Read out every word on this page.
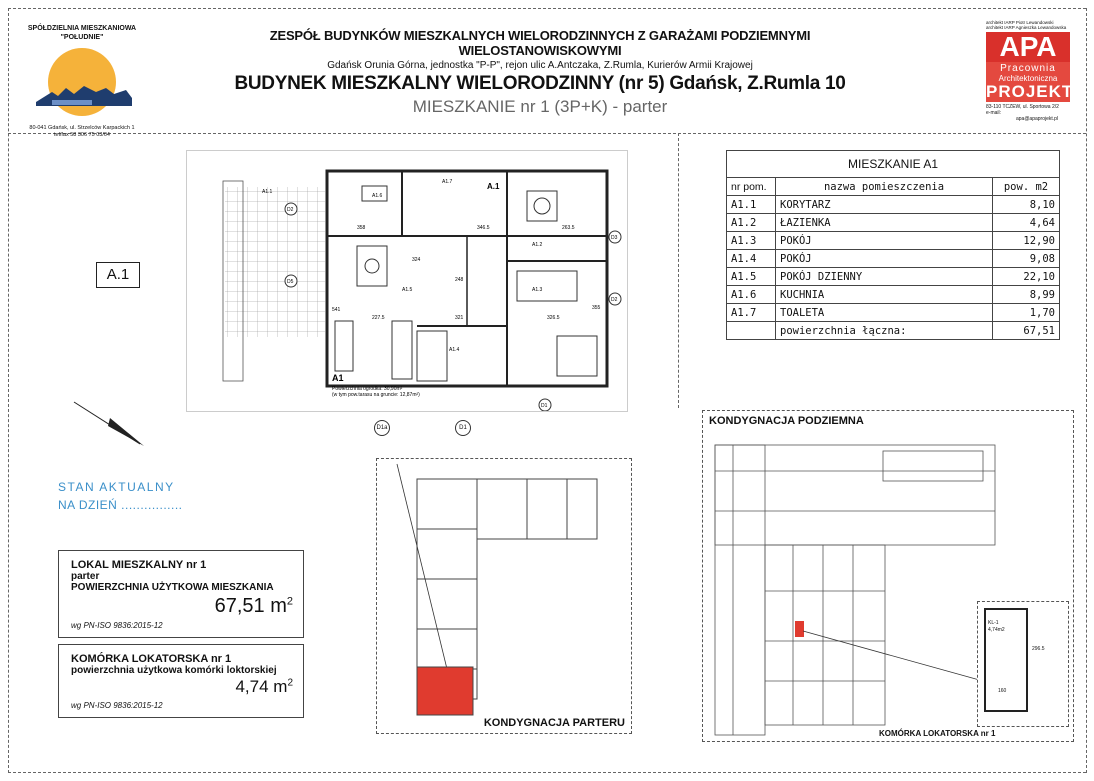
SPÓŁDZIELNIA MIESZKANIOWA
"POŁUDNIE"
80-041 Gdańsk, ul. Strzelców Karpackich 1
tel/fax 58 306 75 03/04
ZESPÓŁ BUDYNKÓW MIESZKALNYCH WIELORODZINNYCH Z GARAŻAMI PODZIEMNYMI WIELOSTANOWISKOWYMI
Gdańsk Orunia Górna, jednostka "P-P", rejon ulic A.Antczaka, Z.Rumla, Kurierów Armii Krajowej
BUDYNEK MIESZKALNY WIELORODZINNY (nr 5) Gdańsk, Z.Rumla 10
MIESZKANIE nr 1 (3P+K) - parter
architekt IARP Piotr Lewandowski
architekt IARP Agnieszka Lewandowska
APA
Pracownia
Architektoniczna
PROJEKT
83-110 TCZEW, ul. Sportowa 2/2
e-mail: apa@apaprojekt.pl
A.1
A1
Powierzchnia ogródka: 30,90m²
(w tym pow.tarasu na gruncie: 12,87m²)
A.1
A1.1
A1.6
A1.7
A1.2
A1.3
A1.4
A1.5
358	346.5	263.5
324
248
326.5
321
227.5
541	355
D2
D5
D3
D2
D1
D1a	D1
MIESZKANIE A1		
nr pom.	nazwa pomieszczenia	pow. m2
A1.1	KORYTARZ	8,10
A1.2	ŁAZIENKA	4,64
A1.3	POKÓJ	12,90
A1.4	POKÓJ	9,08
A1.5	POKÓJ DZIENNY	22,10
A1.6	KUCHNIA	8,99
A1.7	TOALETA	1,70
	powierzchnia łączna:	67,51
STAN AKTUALNY
NA DZIEŃ ................
LOKAL MIESZKALNY nr 1
parter
POWIERZCHNIA UŻYTKOWA MIESZKANIA
67,51 $m^2$
wg PN-ISO 9836:2015-12
KOMÓRKA LOKATORSKA nr 1
powierzchnia użytkowa komórki loktorskiej
4,74 $m^2$
wg PN-ISO 9836:2015-12
KONDYGNACJA PARTERU
KONDYGNACJA PODZIEMNA
KL-1
4,74m2
160
296.5
KOMÓRKA LOKATORSKA nr 1
